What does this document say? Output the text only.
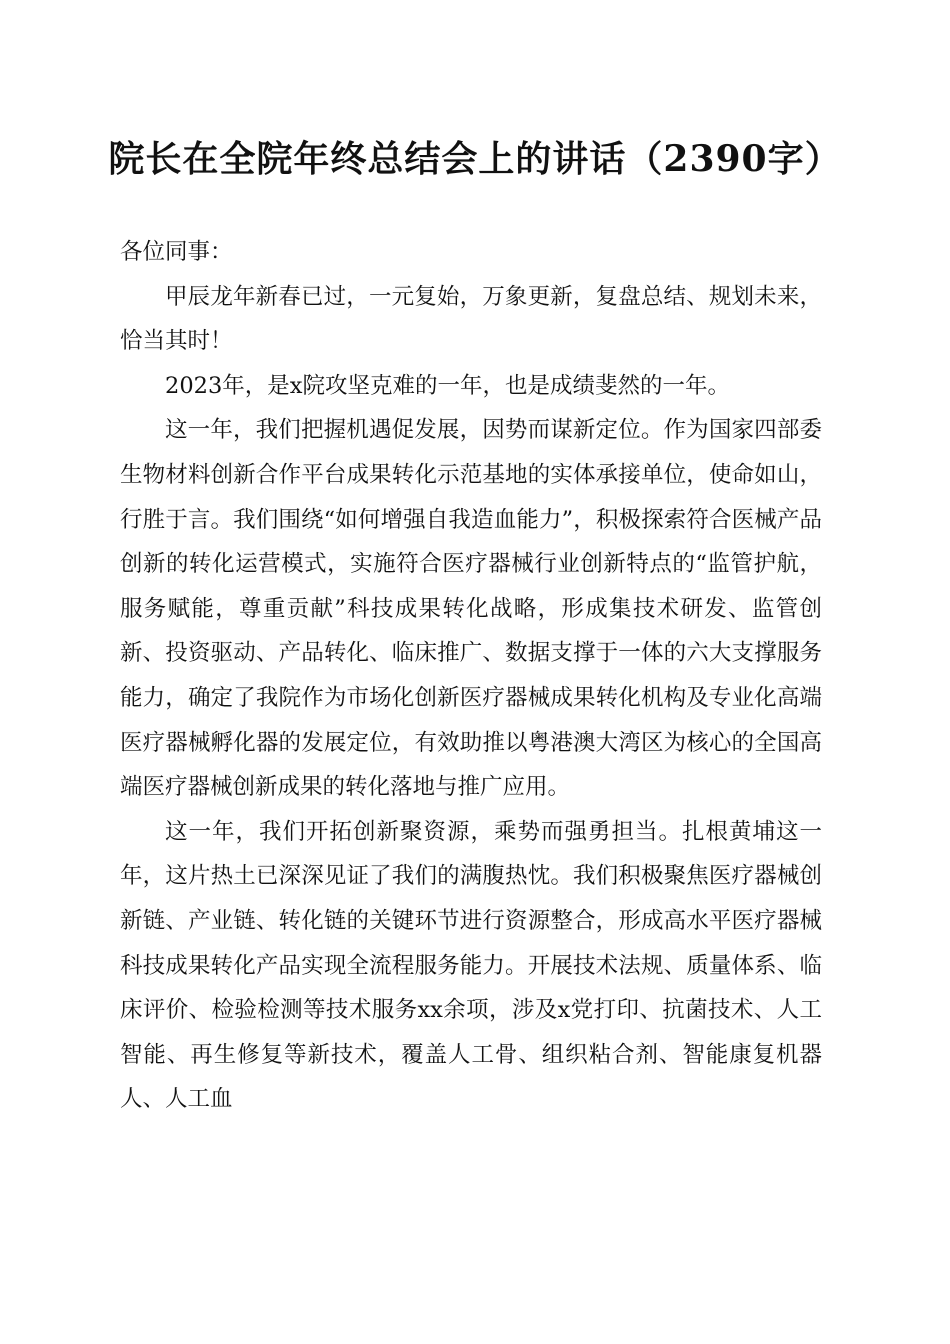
院长在全院年终总结会上的讲话（2390字）

各位同事：

甲辰龙年新春已过，一元复始，万象更新，复盘总结、规划未来，恰当其时！

2023年，是x院攻坚克难的一年，也是成绩斐然的一年。

这一年，我们把握机遇促发展，因势而谋新定位。作为国家四部委生物材料创新合作平台成果转化示范基地的实体承接单位，使命如山，行胜于言。我们围绕“如何增强自我造血能力”，积极探索符合医械产品创新的转化运营模式，实施符合医疗器械行业创新特点的“监管护航，服务赋能，尊重贡献”科技成果转化战略，形成集技术研发、监管创新、投资驱动、产品转化、临床推广、数据支撑于一体的六大支撑服务能力，确定了我院作为市场化创新医疗器械成果转化机构及专业化高端医疗器械孵化器的发展定位，有效助推以粤港澳大湾区为核心的全国高端医疗器械创新成果的转化落地与推广应用。

这一年，我们开拓创新聚资源，乘势而强勇担当。扎根黄埔这一年，这片热土已深深见证了我们的满腹热忱。我们积极聚焦医疗器械创新链、产业链、转化链的关键环节进行资源整合，形成高水平医疗器械科技成果转化产品实现全流程服务能力。开展技术法规、质量体系、临床评价、检验检测等技术服务xx余项，涉及x党打印、抗菌技术、人工智能、再生修复等新技术，覆盖人工骨、组织粘合剂、智能康复机器人、人工血
